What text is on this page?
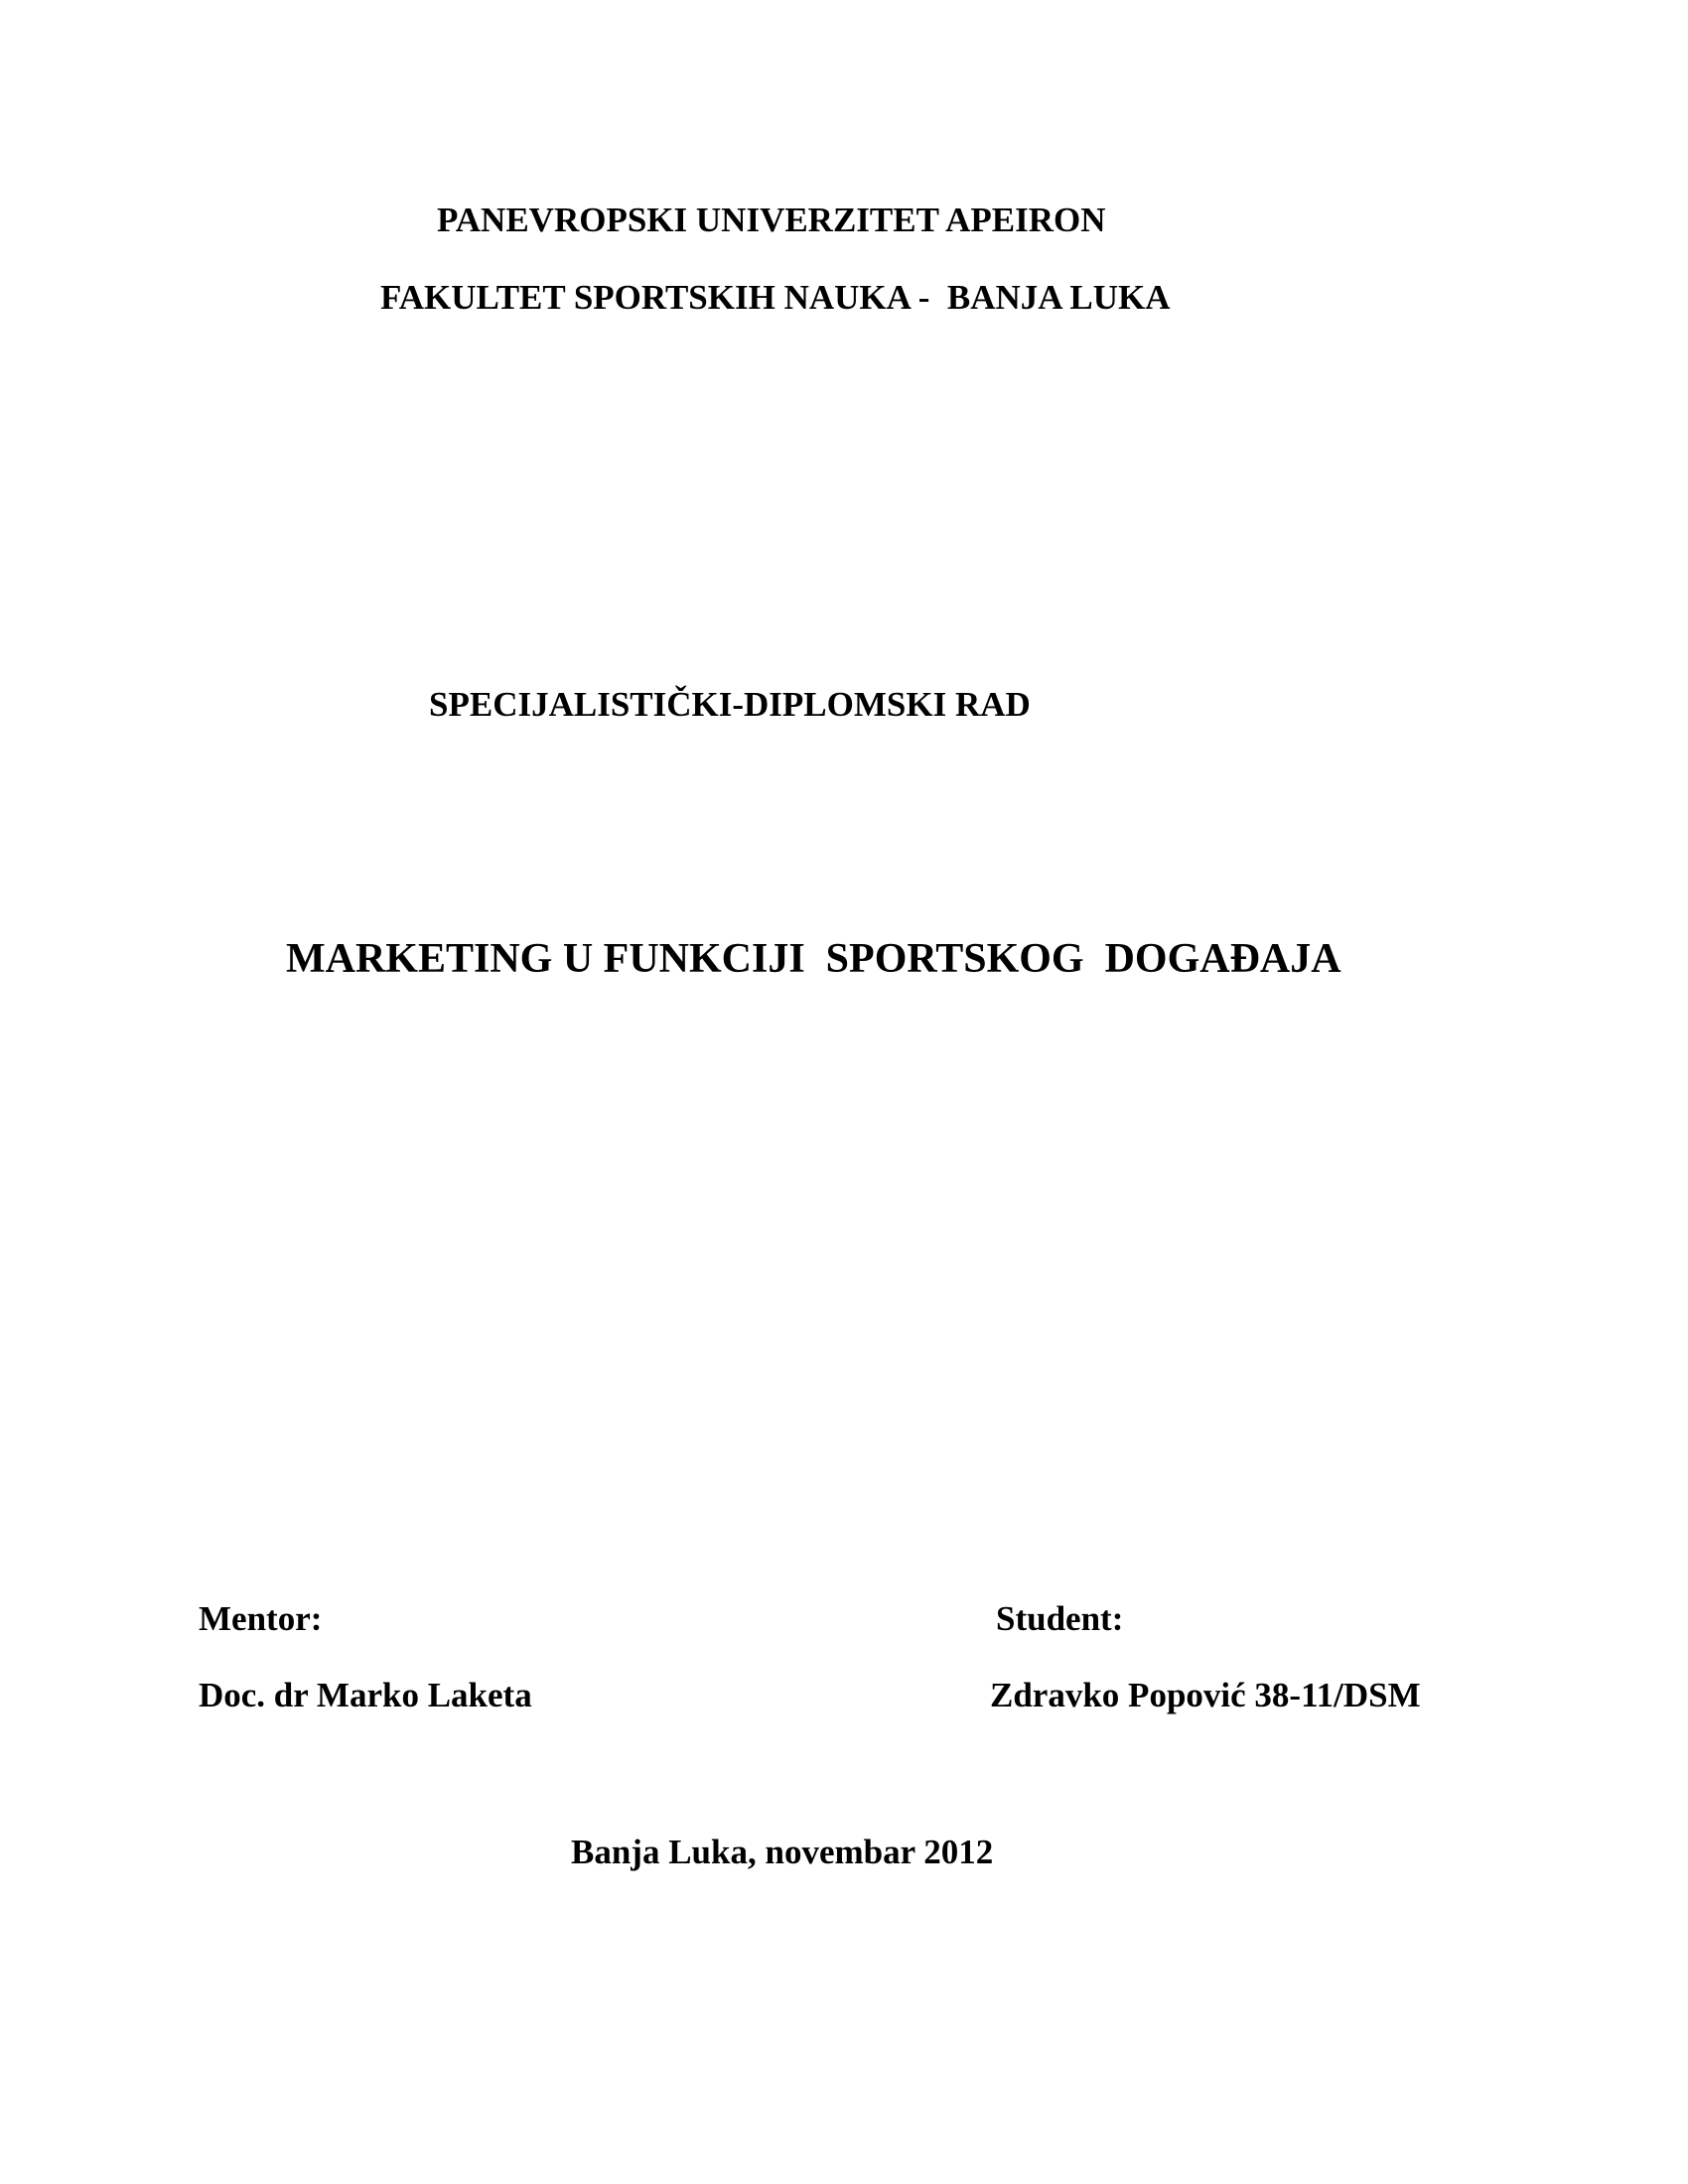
PANEVROPSKI UNIVERZITET APEIRON

FAKULTET SPORTSKIH NAUKA -  BANJA LUKA

SPECIJALISTIČKI-DIPLOMSKI RAD

MARKETING U FUNKCIJI  SPORTSKOG  DOGAĐAJA

Mentor:	Student:

Doc. dr Marko Laketa	Zdravko Popović 38-11/DSM

Banja Luka, novembar 2012
